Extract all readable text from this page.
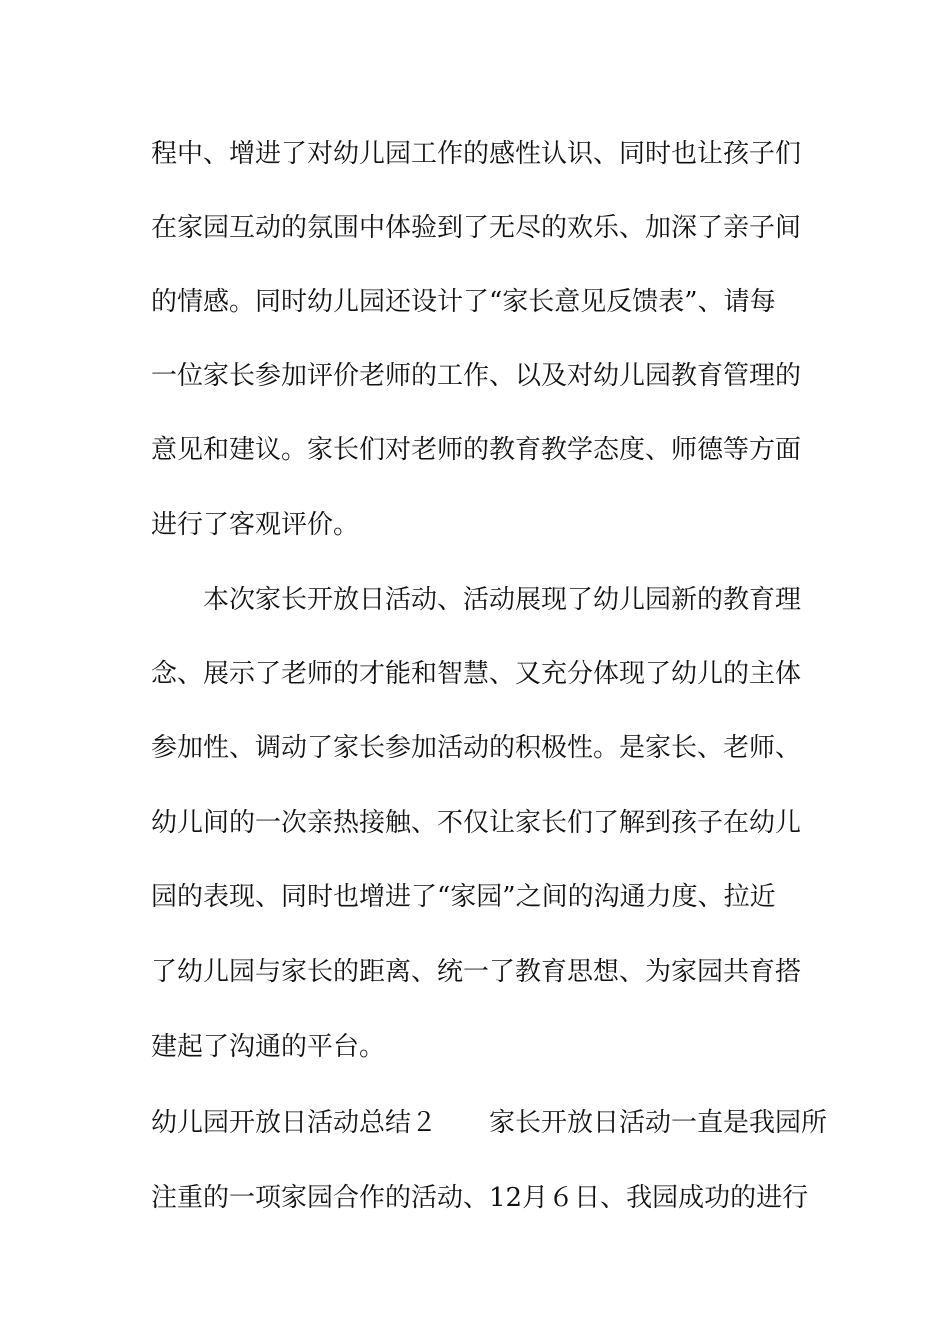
程中、增进了对幼儿园工作的感性认识、同时也让孩子们

在家园互动的氛围中体验到了无尽的欢乐、加深了亲子间

的情感。同时幼儿园还设计了“家长意见反馈表”、请每

一位家长参加评价老师的工作、以及对幼儿园教育管理的

意见和建议。家长们对老师的教育教学态度、师德等方面

进行了客观评价。

　　本次家长开放日活动、活动展现了幼儿园新的教育理

念、展示了老师的才能和智慧、又充分体现了幼儿的主体

参加性、调动了家长参加活动的积极性。是家长、老师、

幼儿间的一次亲热接触、不仅让家长们了解到孩子在幼儿

园的表现、同时也增进了“家园”之间的沟通力度、拉近

了幼儿园与家长的距离、统一了教育思想、为家园共育搭

建起了沟通的平台。

幼儿园开放日活动总结２　　家长开放日活动一直是我园所

注重的一项家园合作的活动、12月６日、我园成功的进行
